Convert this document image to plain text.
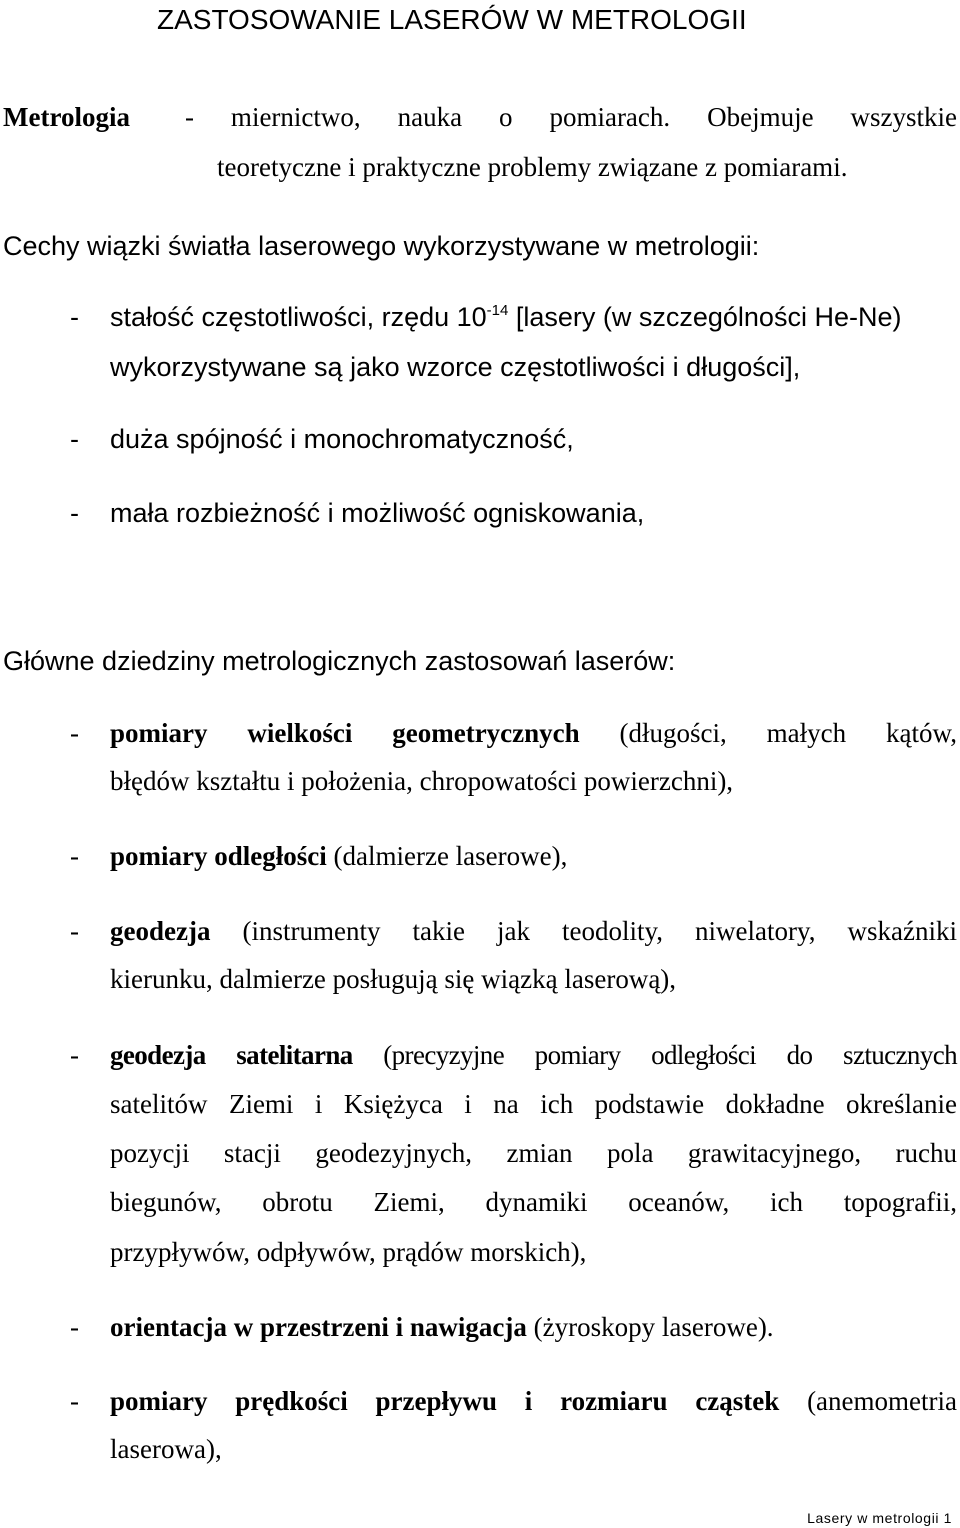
ZASTOSOWANIE LASERÓW W METROLOGII
Metrologia - miernictwo, nauka o pomiarach. Obejmuje wszystkie
teoretyczne i praktyczne problemy związane z pomiarami.
Cechy wiązki światła laserowego wykorzystywane w metrologii:
- stałość częstotliwości, rzędu $10^{-14}$ [lasery (w szczególności He-Ne)
wykorzystywane są jako wzorce częstotliwości i długości],
- duża spójność i monochromatyczność,
- mała rozbieżność i możliwość ogniskowania,
Główne dziedziny metrologicznych zastosowań laserów:
- pomiary wielkości geometrycznych (długości, małych kątów,
błędów kształtu i położenia, chropowatości powierzchni),
- pomiary odległości (dalmierze laserowe),
- geodezja (instrumenty takie jak teodolity, niwelatory, wskaźniki
kierunku, dalmierze posługują się wiązką laserową),
- geodezja satelitarna (precyzyjne pomiary odległości do sztucznych
satelitów Ziemi i Księżyca i na ich podstawie dokładne określanie
pozycji stacji geodezyjnych, zmian pola grawitacyjnego, ruchu
biegunów, obrotu Ziemi, dynamiki oceanów, ich topografii,
przypływów, odpływów, prądów morskich),
- orientacja w przestrzeni i nawigacja (żyroskopy laserowe).
- pomiary prędkości przepływu i rozmiaru cząstek (anemometria
laserowa),
Lasery w metrologii 1
